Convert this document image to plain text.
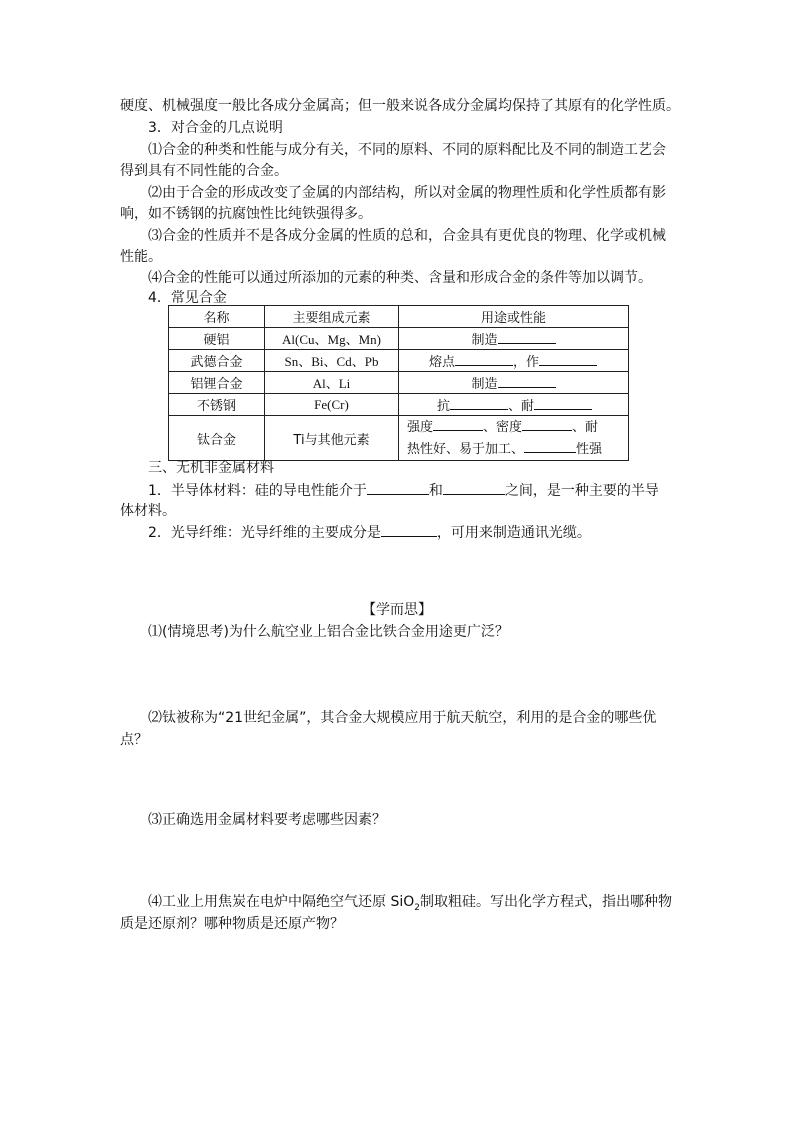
硬度、机械强度一般比各成分金属高；但一般来说各成分金属均保持了其原有的化学性质。
3．对合金的几点说明
⑴合金的种类和性能与成分有关，不同的原料、不同的原料配比及不同的制造工艺会
得到具有不同性能的合金。
⑵由于合金的形成改变了金属的内部结构，所以对金属的物理性质和化学性质都有影
响，如不锈钢的抗腐蚀性比纯铁强得多。
⑶合金的性质并不是各成分金属的性质的总和，合金具有更优良的物理、化学或机械
性能。
⑷合金的性能可以通过所添加的元素的种类、含量和形成合金的条件等加以调节。
4．常见合金
名称	主要组成元素	用途或性能
硬铝	Al(Cu、Mg、Mn)	制造
武德合金	Sn、Bi、Cd、Pb	熔点 ，作
铝锂合金	Al、Li	制造
不锈钢	Fe(Cr)	抗 、耐
钛合金	Ti与其他元素	强度 、密度 、耐
热性好、易于加工、 性强
三、无机非金属材料
1．半导体材料：硅的导电性能介于	和	之间，是一种主要的半导
体材料。
2．光导纤维：光导纤维的主要成分是	，可用来制造通讯光缆。
【学而思】
⑴(情境思考)为什么航空业上铝合金比铁合金用途更广泛？
⑵钛被称为“21世纪金属”，其合金大规模应用于航天航空，利用的是合金的哪些优
点？
⑶正确选用金属材料要考虑哪些因素？
⑷工业上用焦炭在电炉中隔绝空气还原 SiO$_2$制取粗硅。写出化学方程式，指出哪种物
质是还原剂？哪种物质是还原产物？
